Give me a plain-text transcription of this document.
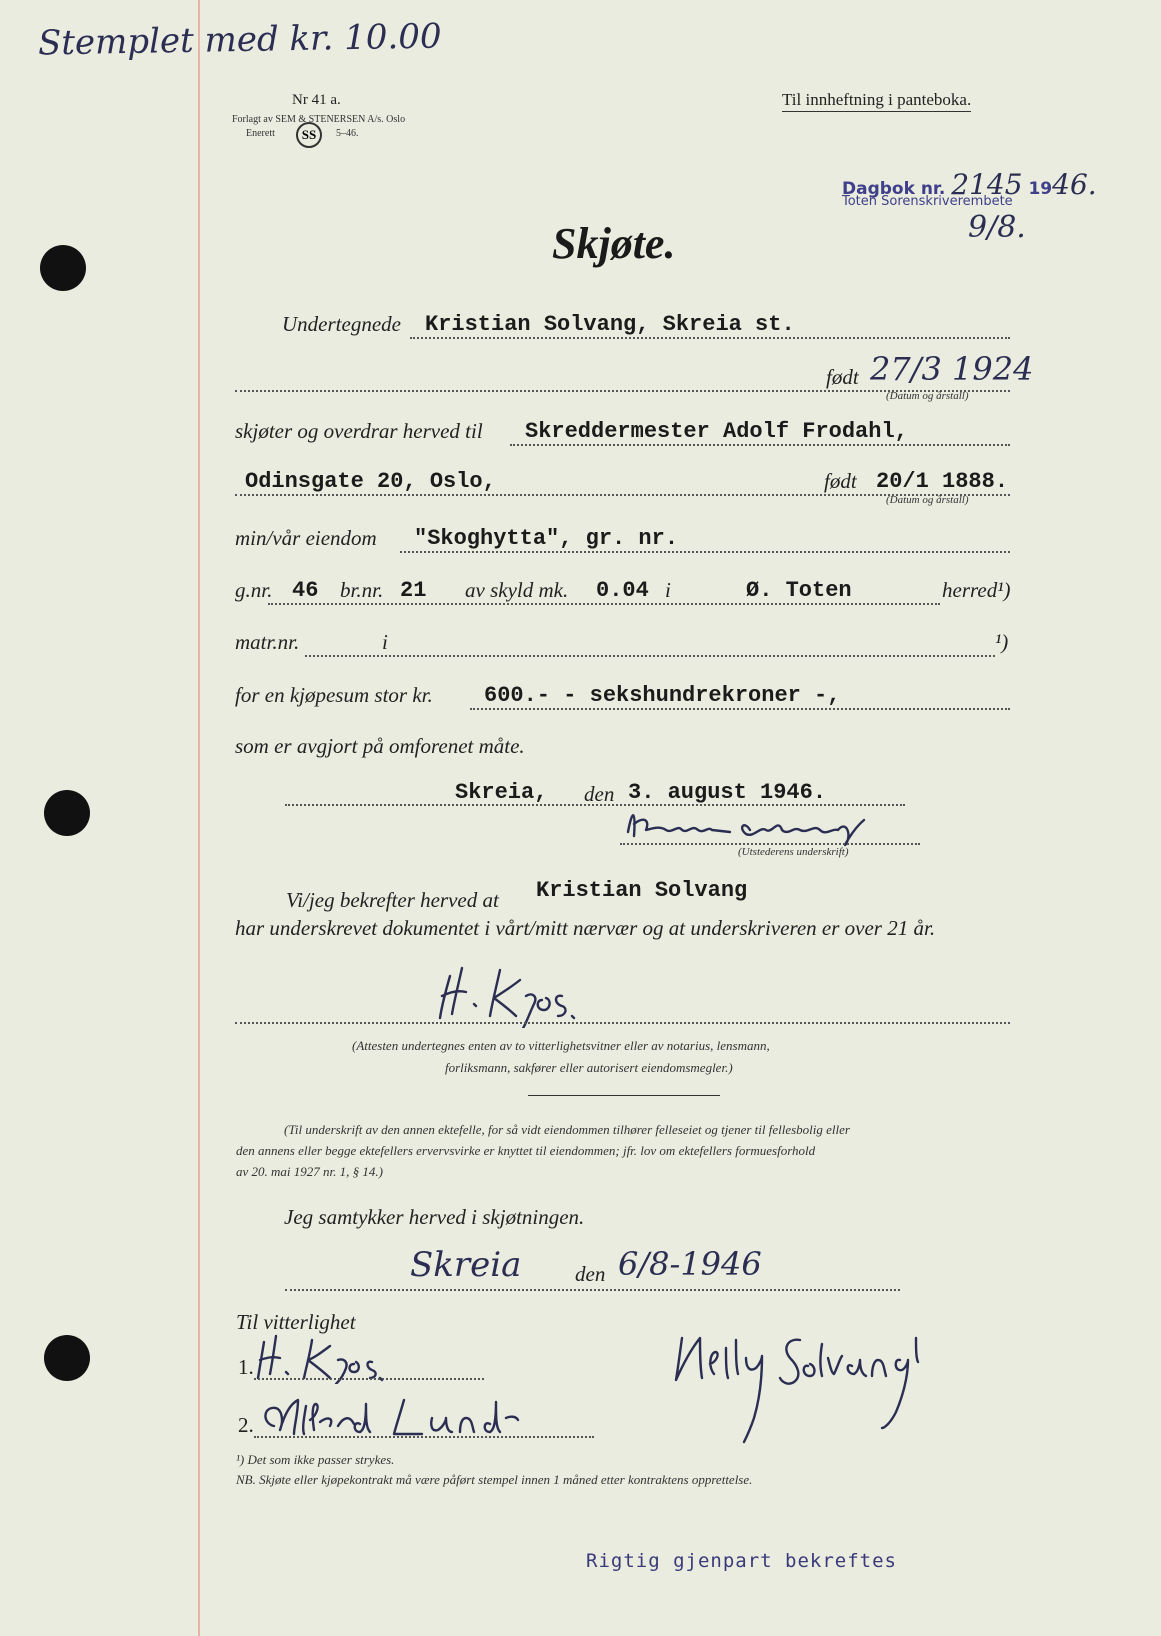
Stemplet med kr. 10.00
Nr 41 a.
Forlagt av SEM & STENERSEN A/s. Oslo
Enerett	SS	5–46.
Til innheftning i panteboka.
Dagbok nr. 2145 1946.
Toten Sorenskriverembete
9/8.
Skjøte.
Undertegnede Kristian Solvang, Skreia st.
født 27/3 1924
(Datum og årstall)
skjøter og overdrar herved til Skreddermester Adolf Frodahl,
Odinsgate 20, Oslo,	født 20/1 1888.
(Datum og årstall)
min/vår eiendom "Skoghytta", gr. nr.
g.nr. 46 br.nr. 21 av skyld mk. 0.04 i	Ø. Toten	herred¹)
matr.nr.	i	¹)
for en kjøpesum stor kr. 600.- - sekshundrekroner -,
som er avgjort på omforenet måte.
Skreia, den 3. august 1946.
(Utstederens underskrift)
Vi/jeg bekrefter herved at Kristian Solvang
har underskrevet dokumentet i vårt/mitt nærvær og at underskriveren er over 21 år.
(Attesten undertegnes enten av to vitterlighetsvitner eller av notarius, lensmann,
forliksmann, sakfører eller autorisert eiendomsmegler.)
(Til underskrift av den annen ektefelle, for så vidt eiendommen tilhører felleseiet og tjener til fellesbolig eller
den annens eller begge ektefellers ervervsvirke er knyttet til eiendommen; jfr. lov om ektefellers formuesforhold
av 20. mai 1927 nr. 1, § 14.)
Jeg samtykker herved i skjøtningen.
Skreia	den 6/8-1946
Til vitterlighet
1.
2.
¹) Det som ikke passer strykes.
NB. Skjøte eller kjøpekontrakt må være påført stempel innen 1 måned etter kontraktens opprettelse.
Rigtig gjenpart bekreftes
